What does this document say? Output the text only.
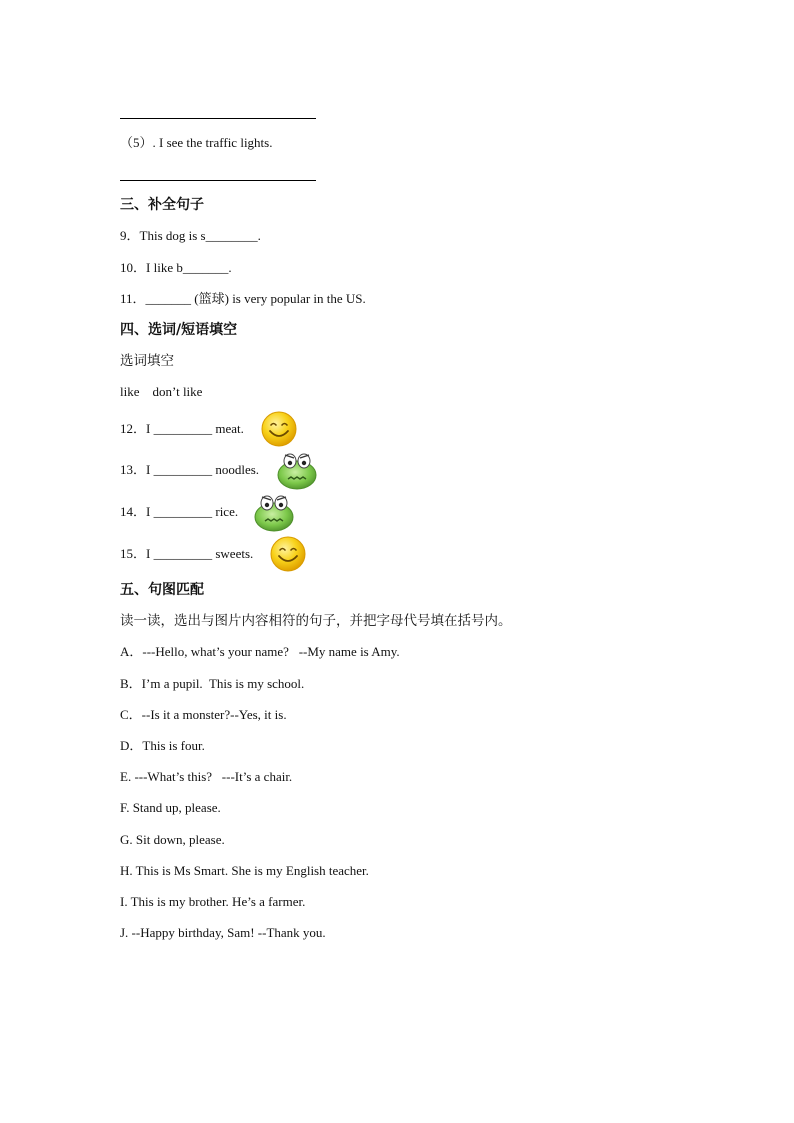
（5）. I see the traffic lights.
三、补全句子
9．This dog is s________.
10．I like b_______.
11．_______ (篮球) is very popular in the US.
四、选词/短语填空
选词填空
like    don’t like
12．I _________ meat.
13．I _________ noodles.
14．I _________ rice.
15．I _________ sweets.
五、句图匹配
读一读，选出与图片内容相符的句子，并把字母代号填在括号内。
A．---Hello, what’s your name?   --My name is Amy.
B．I’m a pupil.  This is my school.
C．--Is it a monster?--Yes, it is.
D．This is four.
E. ---What’s this?   ---It’s a chair.
F. Stand up, please.
G. Sit down, please.
H. This is Ms Smart. She is my English teacher.
I. This is my brother. He’s a farmer.
J. --Happy birthday, Sam! --Thank you.
